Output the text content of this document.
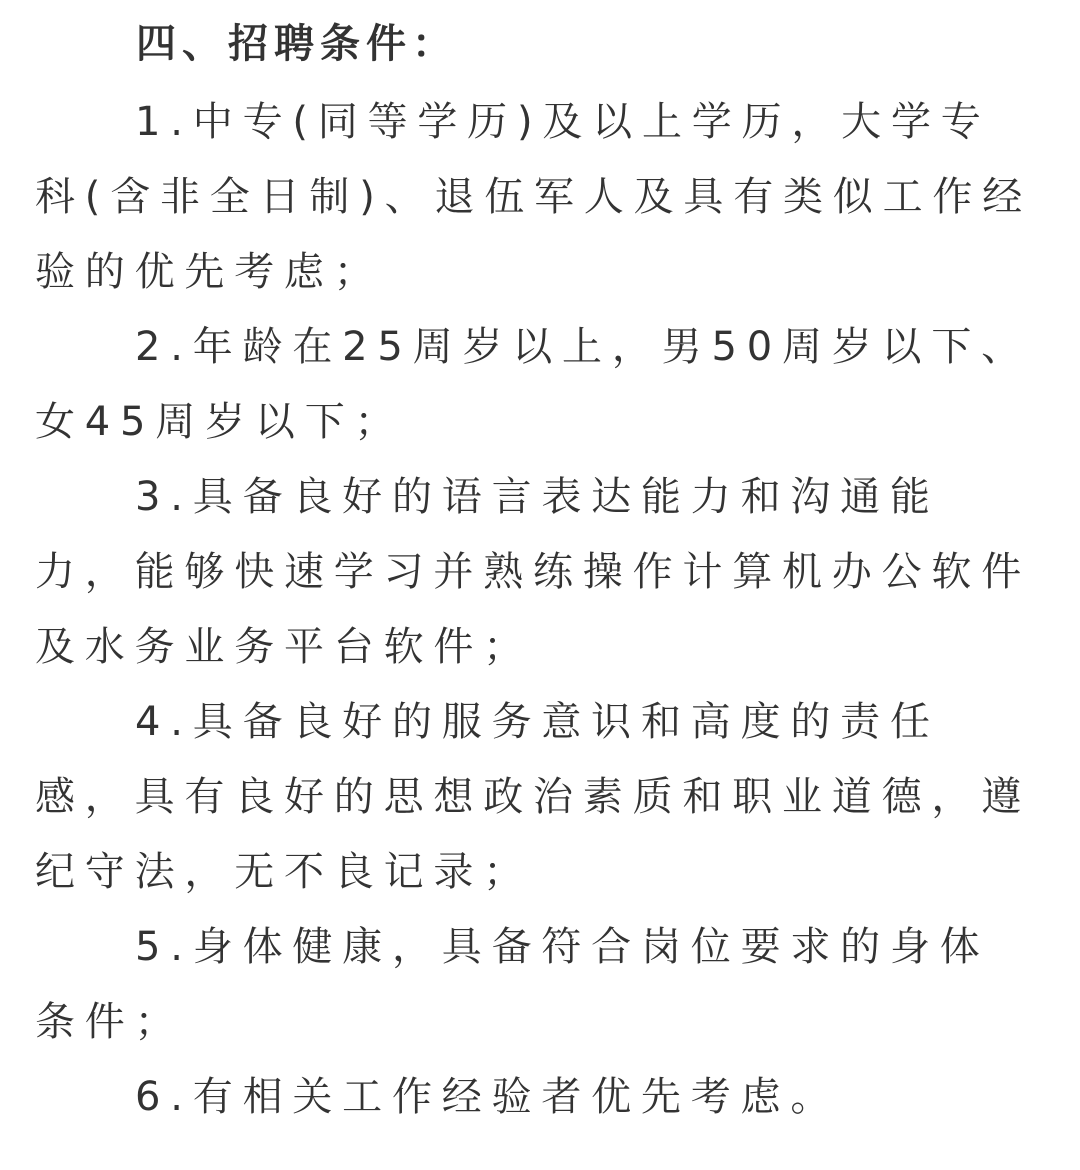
四、招聘条件：

1.中专(同等学历)及以上学历，大学专科(含非全日制)、退伍军人及具有类似工作经验的优先考虑；

2.年龄在25周岁以上，男50周岁以下、女45周岁以下；

3.具备良好的语言表达能力和沟通能力，能够快速学习并熟练操作计算机办公软件及水务业务平台软件；

4.具备良好的服务意识和高度的责任感，具有良好的思想政治素质和职业道德，遵纪守法，无不良记录；

5.身体健康，具备符合岗位要求的身体条件；

6.有相关工作经验者优先考虑。
